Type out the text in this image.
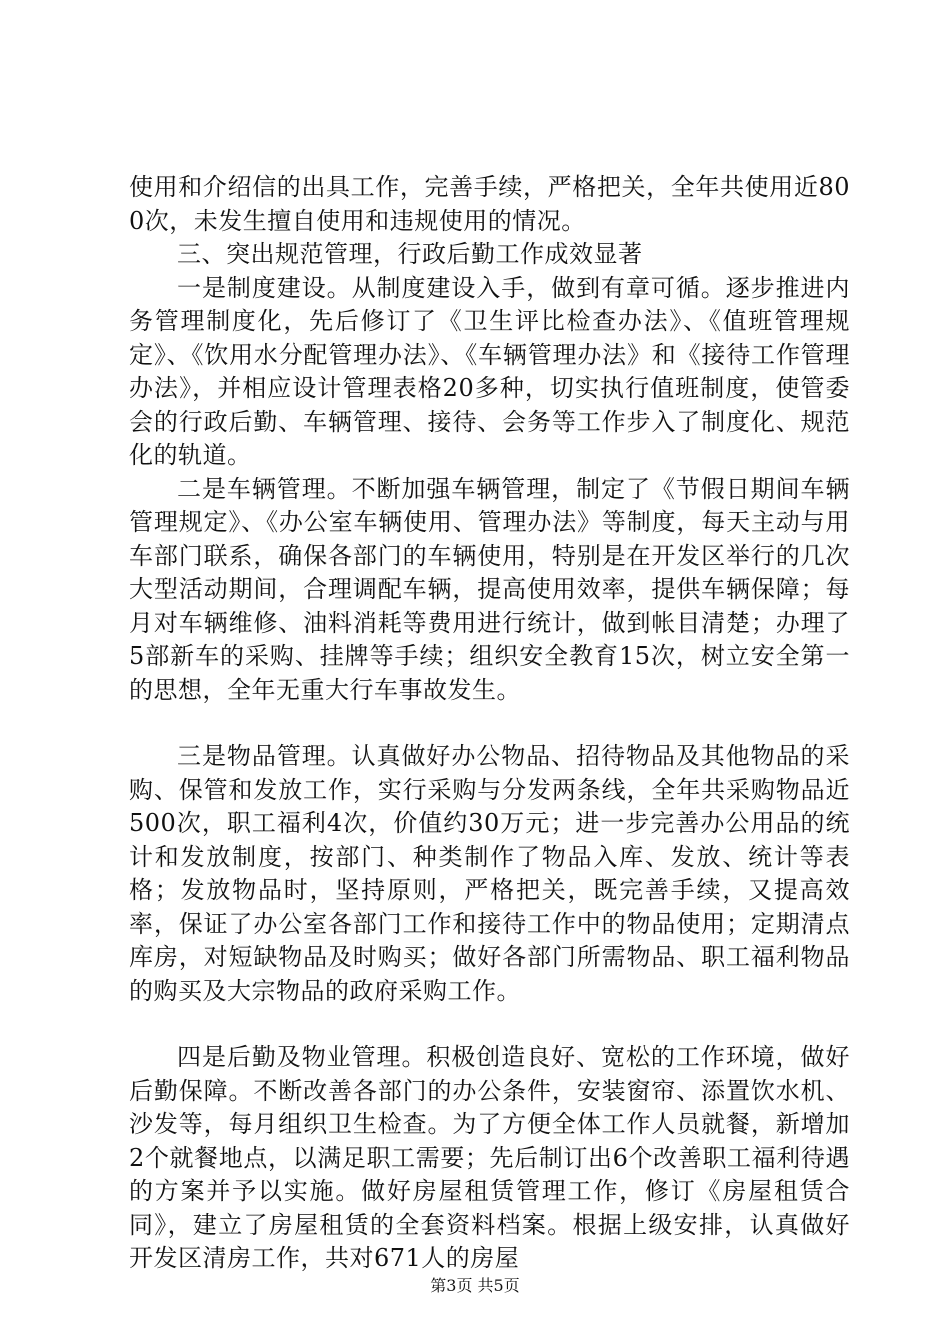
使用和介绍信的出具工作，完善手续，严格把关，全年共使用近800次，未发生擅自使用和违规使用的情况。

三、突出规范管理，行政后勤工作成效显著

一是制度建设。从制度建设入手，做到有章可循。逐步推进内务管理制度化，先后修订了《卫生评比检查办法》、《值班管理规定》、《饮用水分配管理办法》、《车辆管理办法》和《接待工作管理办法》，并相应设计管理表格20多种，切实执行值班制度，使管委会的行政后勤、车辆管理、接待、会务等工作步入了制度化、规范化的轨道。

二是车辆管理。不断加强车辆管理，制定了《节假日期间车辆管理规定》、《办公室车辆使用、管理办法》等制度，每天主动与用车部门联系，确保各部门的车辆使用，特别是在开发区举行的几次大型活动期间，合理调配车辆，提高使用效率，提供车辆保障；每月对车辆维修、油料消耗等费用进行统计，做到帐目清楚；办理了5部新车的采购、挂牌等手续；组织安全教育15次，树立安全第一的思想，全年无重大行车事故发生。

三是物品管理。认真做好办公物品、招待物品及其他物品的采购、保管和发放工作，实行采购与分发两条线，全年共采购物品近500次，职工福利4次，价值约30万元；进一步完善办公用品的统计和发放制度，按部门、种类制作了物品入库、发放、统计等表格；发放物品时，坚持原则，严格把关，既完善手续，又提高效率，保证了办公室各部门工作和接待工作中的物品使用；定期清点库房，对短缺物品及时购买；做好各部门所需物品、职工福利物品的购买及大宗物品的政府采购工作。

四是后勤及物业管理。积极创造良好、宽松的工作环境，做好后勤保障。不断改善各部门的办公条件，安装窗帘、添置饮水机、沙发等，每月组织卫生检查。为了方便全体工作人员就餐，新增加2个就餐地点，以满足职工需要；先后制订出6个改善职工福利待遇的方案并予以实施。做好房屋租赁管理工作，修订《房屋租赁合同》，建立了房屋租赁的全套资料档案。根据上级安排，认真做好开发区清房工作，共对671人的房屋

第3页 共5页
